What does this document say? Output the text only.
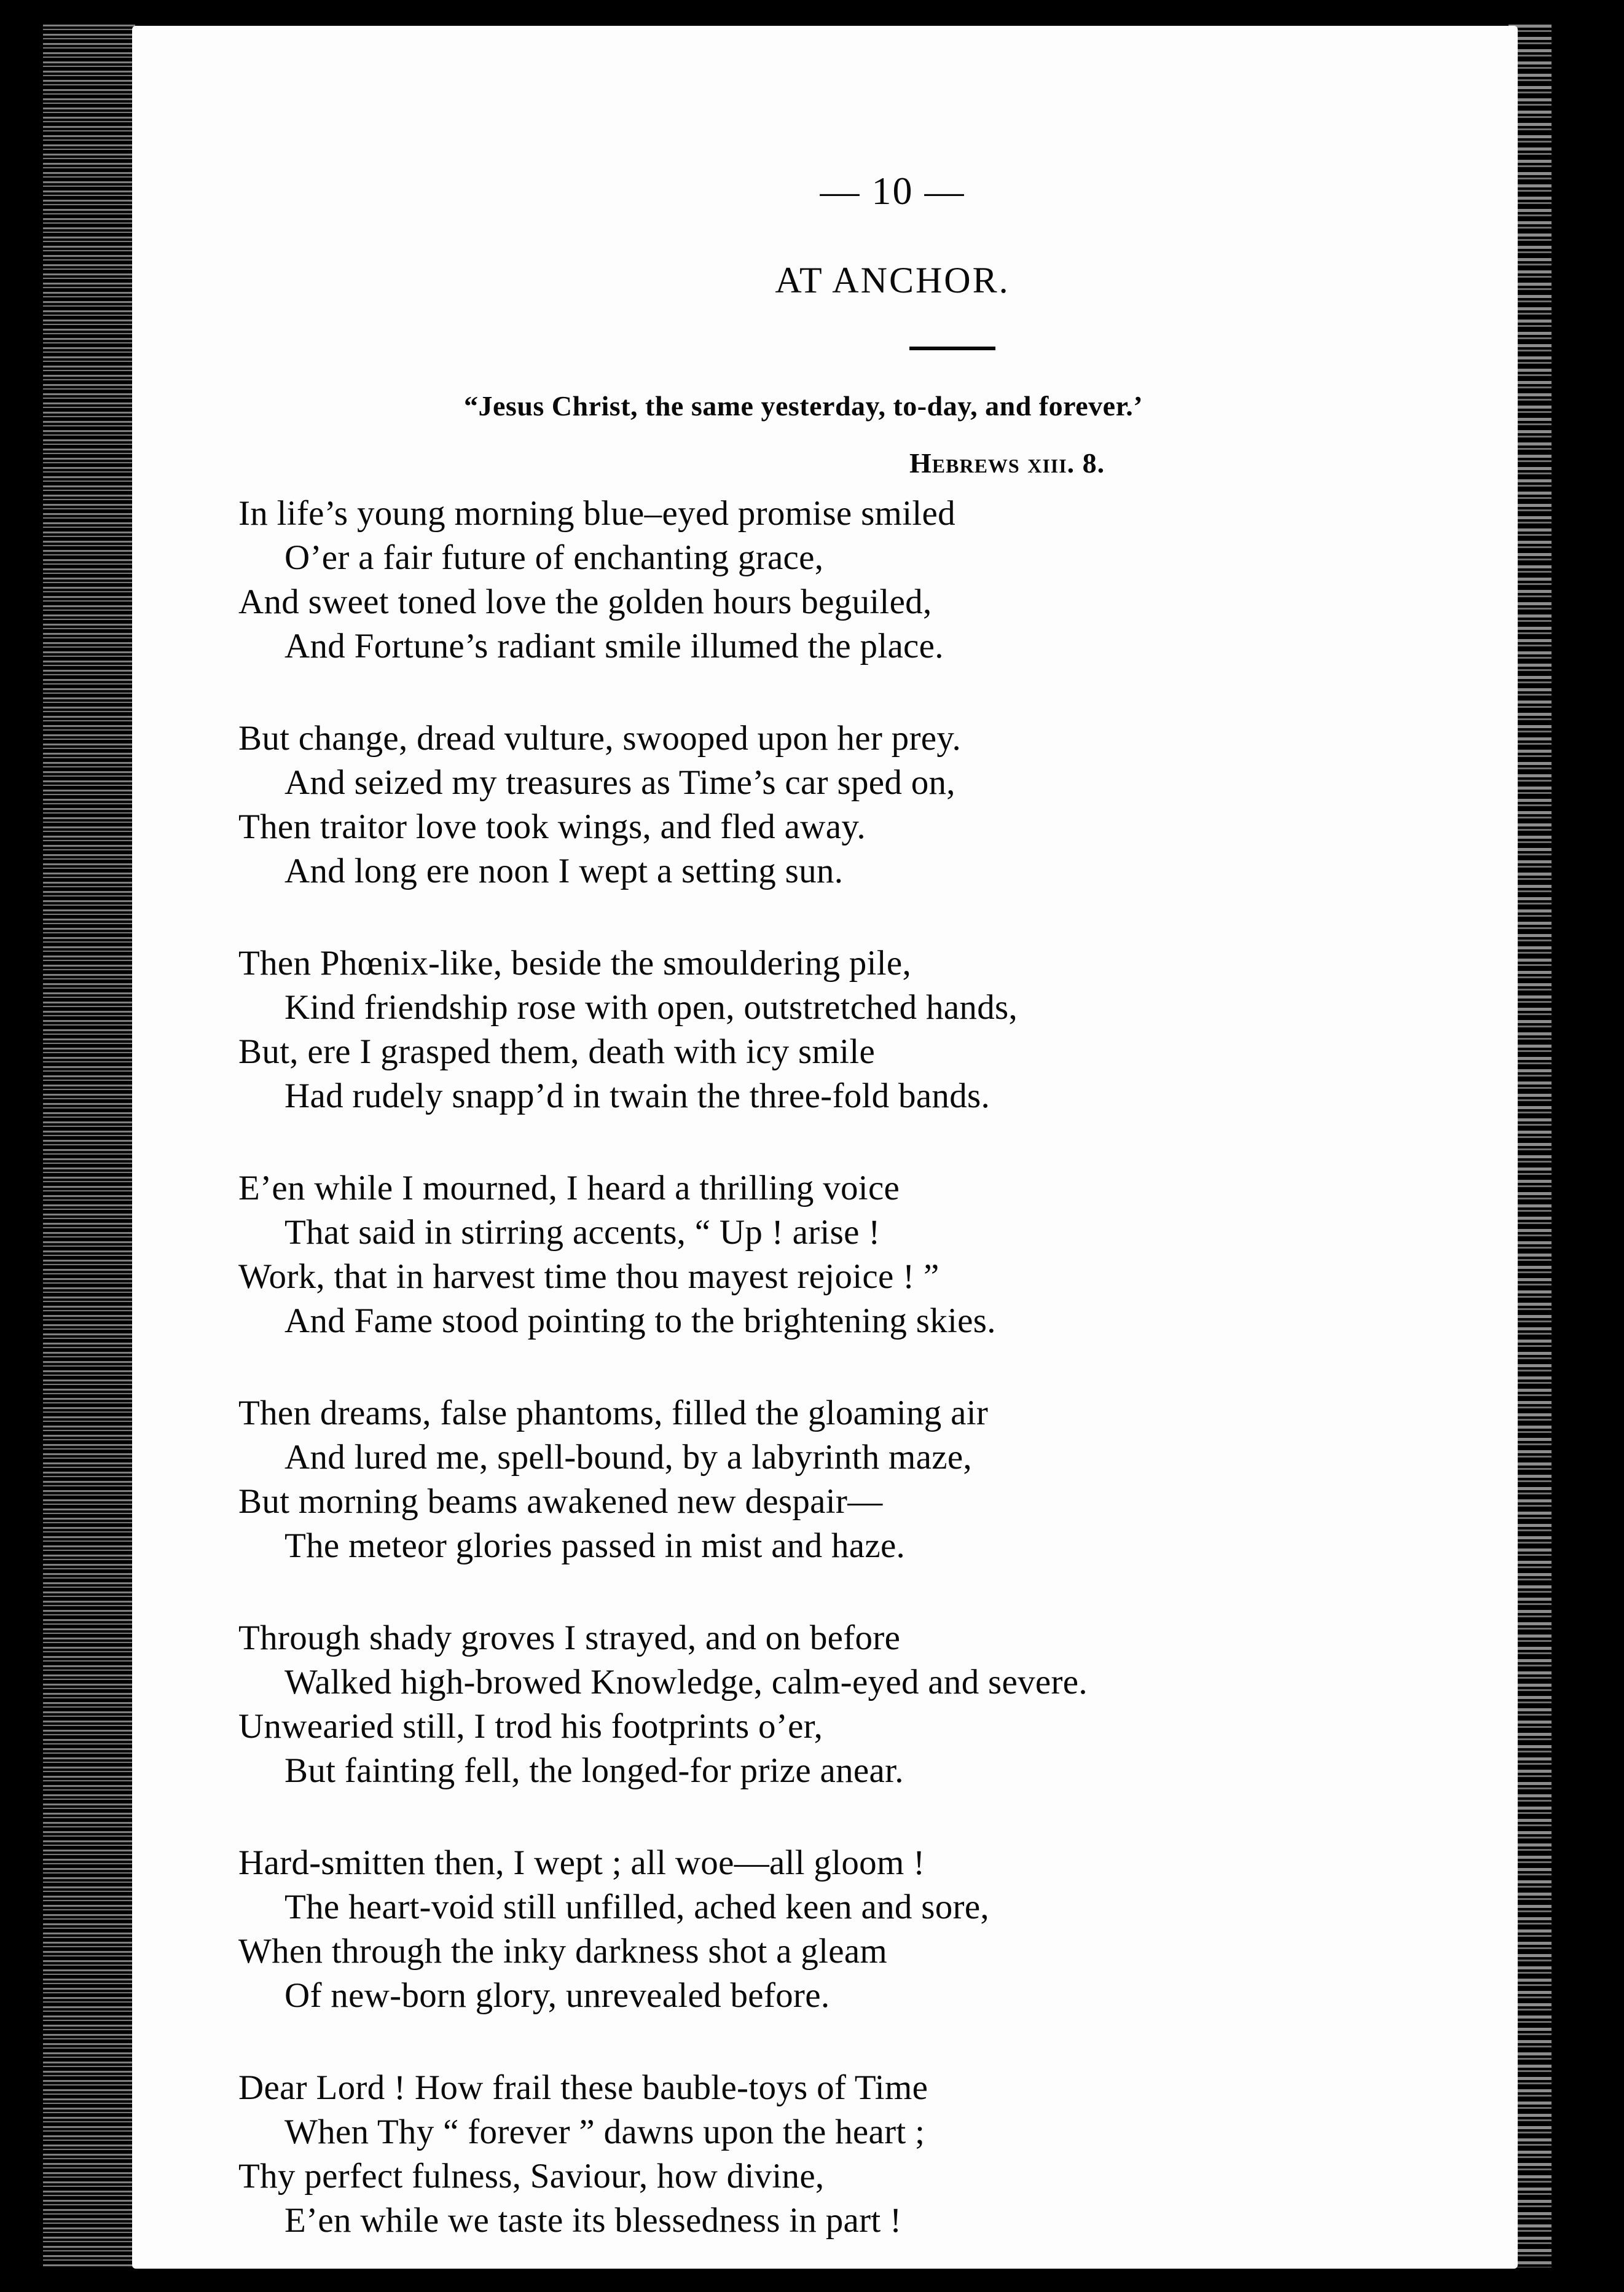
— 10 —
AT ANCHOR.
“Jesus Christ, the same yesterday, to-day, and forever.’
Hebrews xiii. 8.
In life’s young morning blue–eyed promise smiled
O’er a fair future of enchanting grace,
And sweet toned love the golden hours beguiled,
And Fortune’s radiant smile illumed the place.
But change, dread vulture, swooped upon her prey.
And seized my treasures as Time’s car sped on,
Then traitor love took wings, and fled away.
And long ere noon I wept a setting sun.
Then Phœnix-like, beside the smouldering pile,
Kind friendship rose with open, outstretched hands,
But, ere I grasped them, death with icy smile
Had rudely snapp’d in twain the three-fold bands.
E’en while I mourned, I heard a thrilling voice
That said in stirring accents, “ Up ! arise !
Work, that in harvest time thou mayest rejoice ! ”
And Fame stood pointing to the brightening skies.
Then dreams, false phantoms, filled the gloaming air
And lured me, spell-bound, by a labyrinth maze,
But morning beams awakened new despair—
The meteor glories passed in mist and haze.
Through shady groves I strayed, and on before
Walked high-browed Knowledge, calm-eyed and severe.
Unwearied still, I trod his footprints o’er,
But fainting fell, the longed-for prize anear.
Hard-smitten then, I wept ; all woe—all gloom !
The heart-void still unfilled, ached keen and sore,
When through the inky darkness shot a gleam
Of new-born glory, unrevealed before.
Dear Lord ! How frail these bauble-toys of Time
When Thy “ forever ” dawns upon the heart ;
Thy perfect fulness, Saviour, how divine,
E’en while we taste its blessedness in part !
